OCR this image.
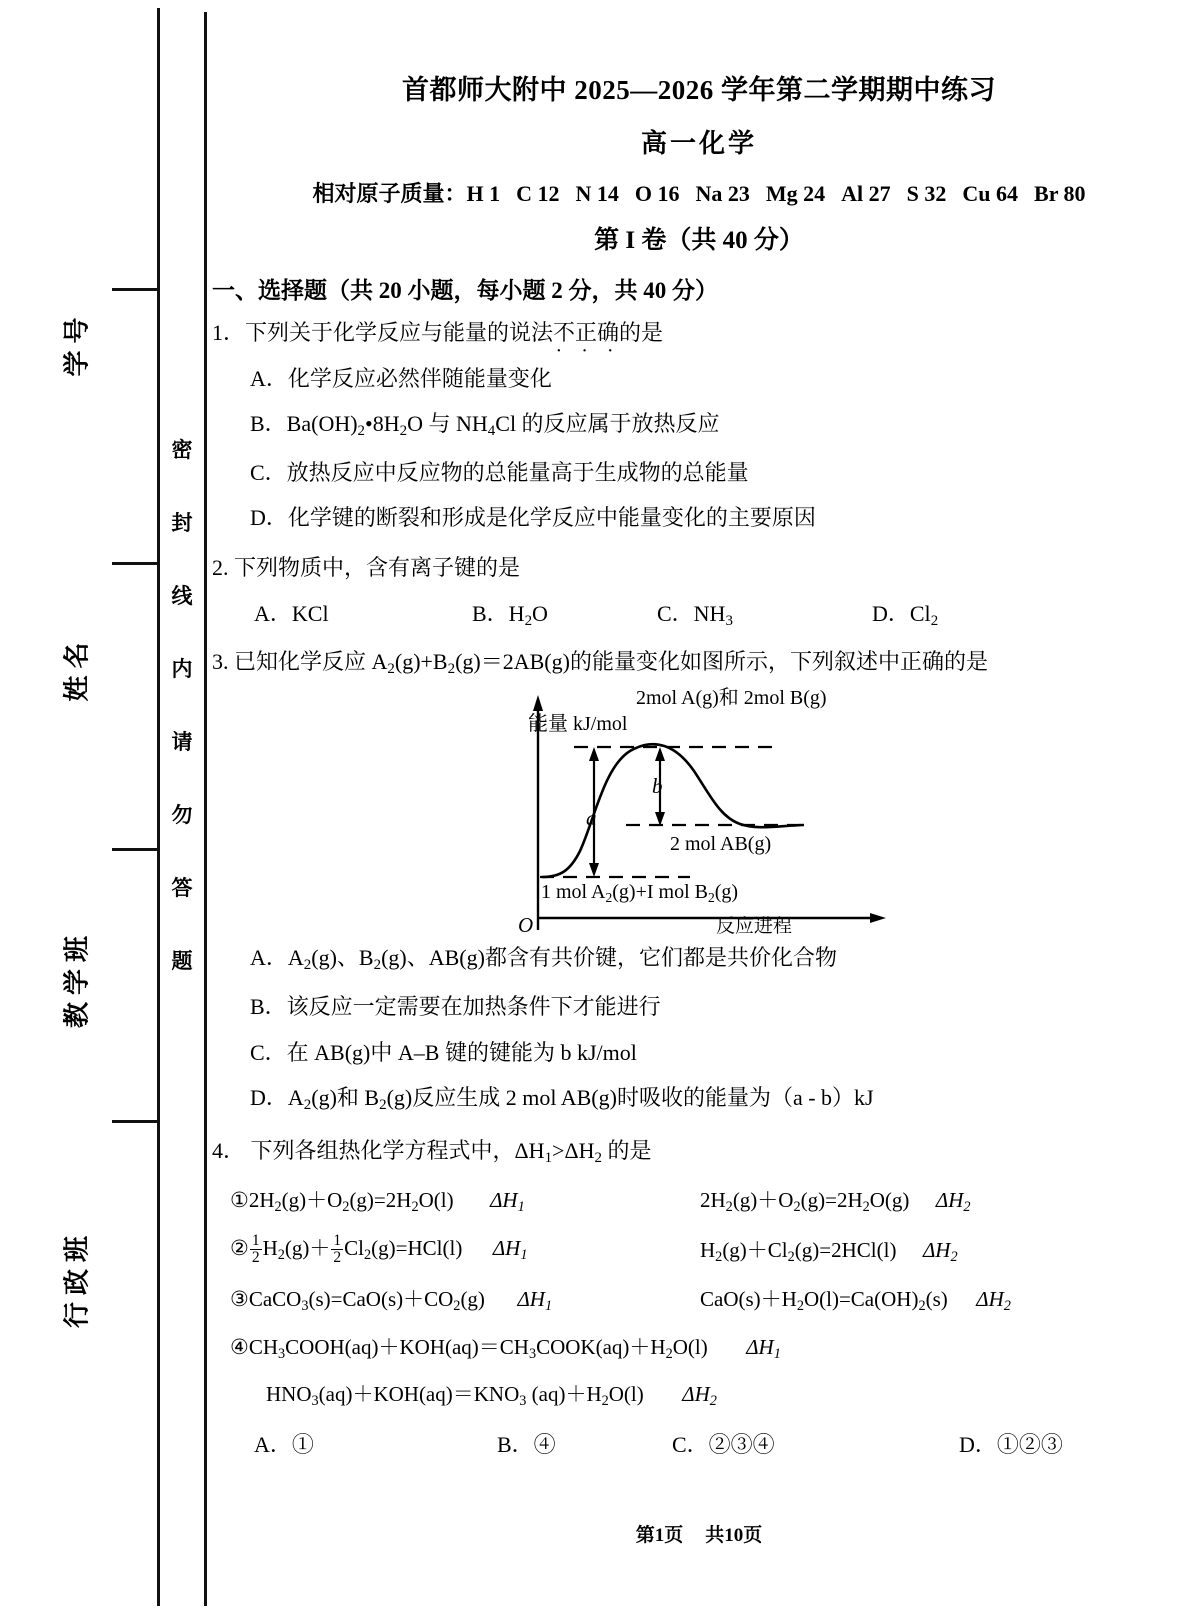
学号
姓名
教学班
行政班
密
封
线
内
请
勿
答
题
首都师大附中 2025—2026 学年第二学期期中练习
高一化学
相对原子质量：H 1 C 12 N 14 O 16 Na 23 Mg 24 Al 27 S 32 Cu 64 Br 80
第 I 卷（共 40 分）
一、选择题（共 20 小题，每小题 2 分，共 40 分）
1．下列关于化学反应与能量的说法不正确 ·  ·  ·的是
A．化学反应必然伴随能量变化
B．$Ba(OH)_2•8H_2O$ 与 $NH_4Cl$ 的反应属于放热反应
C．放热反应中反应物的总能量高于生成物的总能量
D．化学键的断裂和形成是化学反应中能量变化的主要原因
2. 下列物质中，含有离子键的是
A．KCl	B．$H_2O$	C．$NH_3$	D．$Cl_2$
3. 已知化学反应 $A_2(g)+B_2(g)=2AB(g)$的能量变化如图所示，下列叙述中正确的是
a
b
能量 kJ/mol
2mol A(g)和 2mol B(g)
2 mol AB(g)
1 mol $A_2(g)+I$ mol $B_2(g)$
O	反应进程
A．$A_2(g)$、$B_2(g)$、AB(g)都含有共价键，它们都是共价化合物
B．该反应一定需要在加热条件下才能进行
C．在 AB(g)中 A–B 键的键能为 b kJ/mol
D．$A_2(g)$和 $B_2(g)$反应生成 2 mol AB(g)时吸收的能量为（a - b）kJ
4． 下列各组热化学方程式中，$\Delta H_1>\Delta H_2$ 的是
$①2H_2(g)+O_2(g)=2H_2O(l)$ $\Delta H_1$	$2H_2(g)+O_2(g)=2H_2O(g)$ $\Delta H_2$
② $\frac{1}{2} H_2(g)+ \frac{1}{2} Cl_2(g)=HCl(l)$ $\Delta H_1$	$H_2(g)+Cl_2(g)=2HCl(l)$ $\Delta H_2$
$③CaCO_3(s)=CaO(s)+CO_2(g)$ $\Delta H_1$	$CaO(s)+H_2O(l)=Ca(OH)_2(s)$ $\Delta H_2$
$④CH_3COOH(aq)+KOH(aq)=CH_3COOK(aq)+H_2O(l)$ $\Delta H_1$
$HNO_3(aq)+KOH(aq)=KNO_3$ $(aq)+H_2O(l)$ $\Delta H_2$
A．①	B．④	C．②③④	D．①②③
第1页 共10页
